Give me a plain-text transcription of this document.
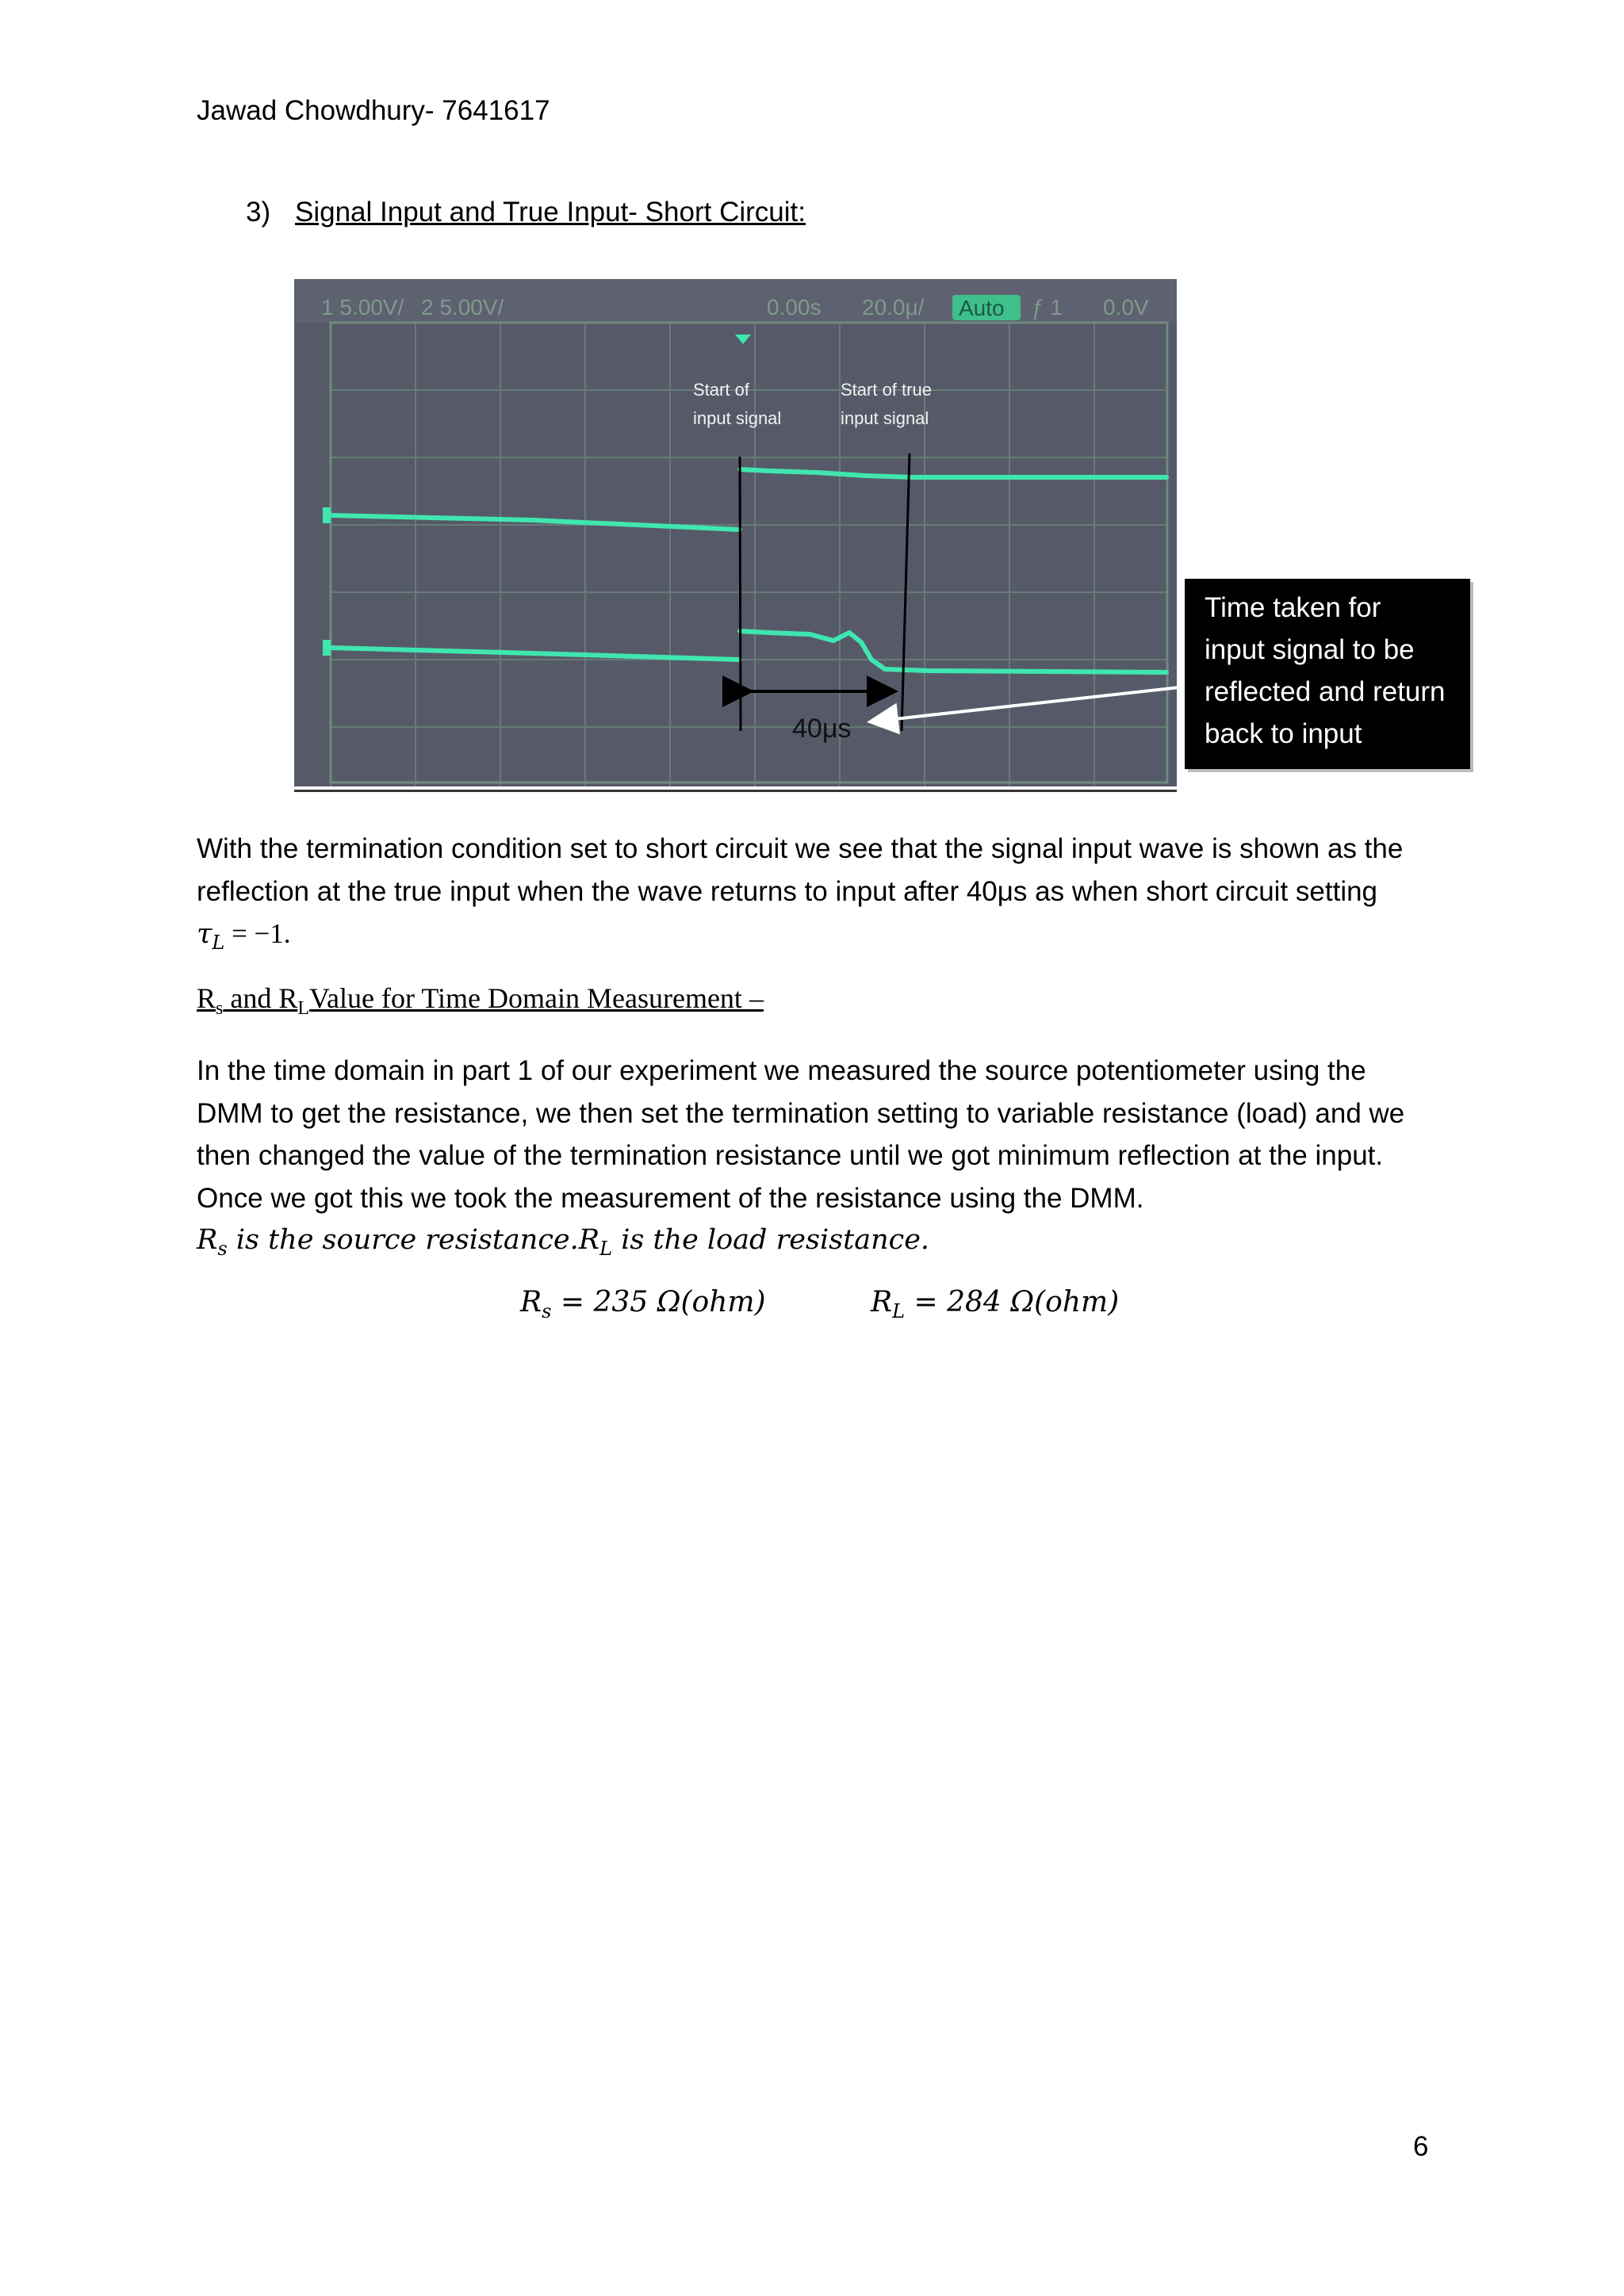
Jawad Chowdhury- 7641617
3) Signal Input and True Input- Short Circuit:
1 5.00V/ 2 5.00V/	0.00s 20.0μ/ Auto ƒ 1 0.0V
Start of
input signal
Start of true
input signal
40μs
Time taken for
input signal to be
reflected and return
back to input
With the termination condition set to short circuit we see that the signal input wave is shown as the
reflection at the true input when the wave returns to input after 40μs as when short circuit setting
$\tau_L = -1$.
$R_s$ and $R_LValue$ for Time Domain Measurement –
In the time domain in part 1 of our experiment we measured the source potentiometer using the
DMM to get the resistance, we then set the termination setting to variable resistance (load) and we
then changed the value of the termination resistance until we got minimum reflection at the input.
Once we got this we took the measurement of the resistance using the DMM.
$R_s$ is the source $resistance.R_L$ is the load resistance.
$R_s = 235$ Ω(ohm)	$R_L = 284$ Ω(ohm)
6
